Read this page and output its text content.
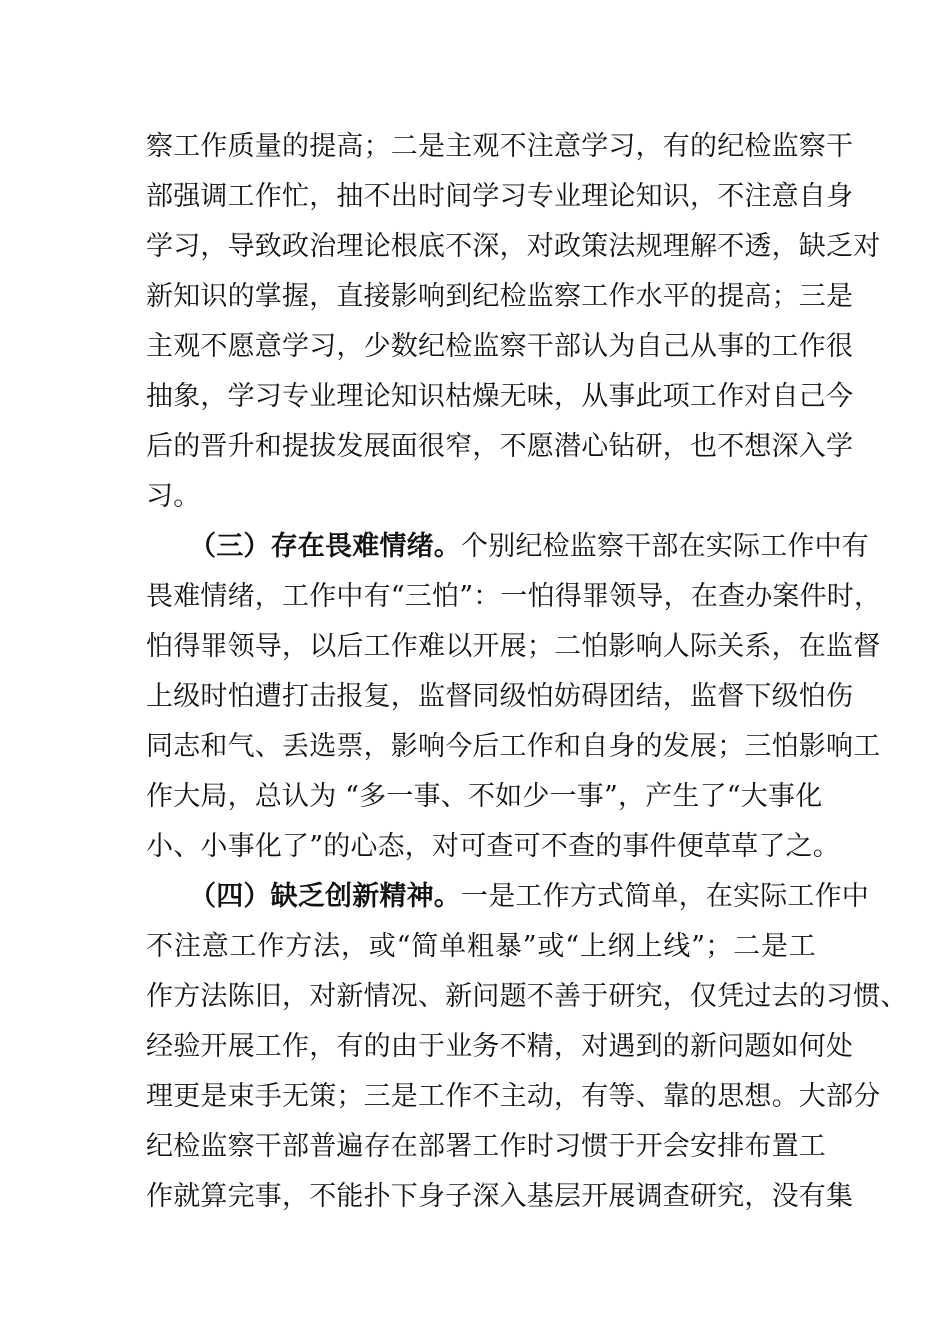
察工作质量的提高；二是主观不注意学习，有的纪检监察干
部强调工作忙，抽不出时间学习专业理论知识，不注意自身
学习，导致政治理论根底不深，对政策法规理解不透，缺乏对
新知识的掌握，直接影响到纪检监察工作水平的提高；三是
主观不愿意学习，少数纪检监察干部认为自己从事的工作很
抽象，学习专业理论知识枯燥无味，从事此项工作对自己今
后的晋升和提拔发展面很窄，不愿潜心钻研，也不想深入学
习。
（三）存在畏难情绪。个别纪检监察干部在实际工作中有
畏难情绪，工作中有“三怕”：一怕得罪领导，在查办案件时，
怕得罪领导，以后工作难以开展；二怕影响人际关系，在监督
上级时怕遭打击报复，监督同级怕妨碍团结，监督下级怕伤
同志和气、丢选票，影响今后工作和自身的发展；三怕影响工
作大局，总认为 “多一事、不如少一事”，产生了“大事化
小、小事化了”的心态，对可查可不查的事件便草草了之。
（四）缺乏创新精神。一是工作方式简单，在实际工作中
不注意工作方法，或“简单粗暴”或“上纲上线”；二是工
作方法陈旧，对新情况、新问题不善于研究，仅凭过去的习惯、
经验开展工作，有的由于业务不精，对遇到的新问题如何处
理更是束手无策；三是工作不主动，有等、靠的思想。大部分
纪检监察干部普遍存在部署工作时习惯于开会安排布置工
作就算完事，不能扑下身子深入基层开展调查研究，没有集
